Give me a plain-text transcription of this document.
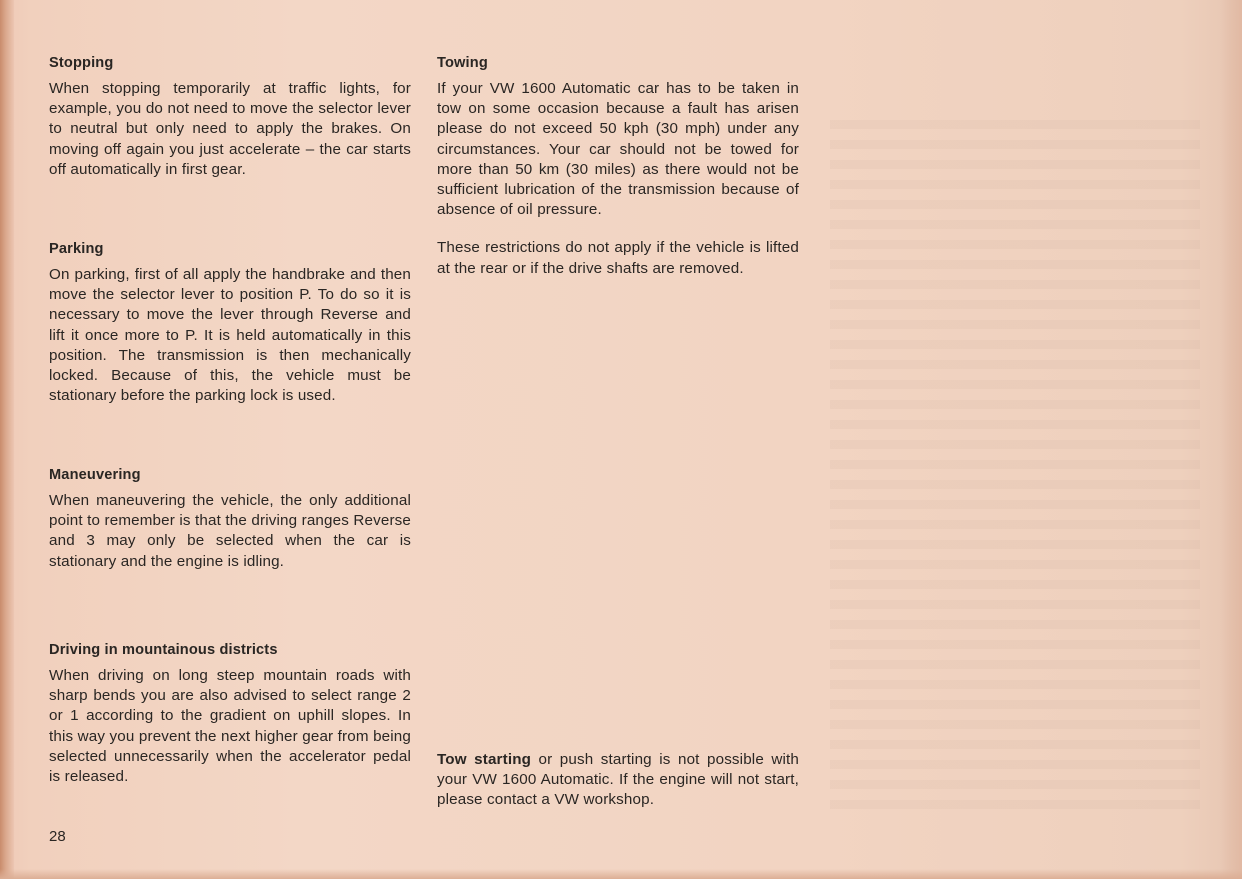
Stopping

When stopping temporarily at traffic lights, for example, you do not need to move the selector lever to neutral but only need to apply the brakes. On moving off again you just accelerate – the car starts off automatically in first gear.

Parking

On parking, first of all apply the handbrake and then move the selector lever to position P. To do so it is necessary to move the lever through Reverse and lift it once more to P. It is held automatically in this position. The transmission is then mechanically locked. Because of this, the vehicle must be stationary before the parking lock is used.

Maneuvering

When maneuvering the vehicle, the only additional point to remember is that the driving ranges Reverse and 3 may only be selected when the car is stationary and the engine is idling.

Driving in mountainous districts

When driving on long steep mountain roads with sharp bends you are also advised to select range 2 or 1 according to the gradient on uphill slopes. In this way you prevent the next higher gear from being selected unnecessarily when the accelerator pedal is released.

Towing

If your VW 1600 Automatic car has to be taken in tow on some occasion because a fault has arisen please do not exceed 50 kph (30 mph) under any circumstances. Your car should not be towed for more than 50 km (30 miles) as there would not be sufficient lubrication of the transmission because of absence of oil pressure.

These restrictions do not apply if the vehicle is lifted at the rear or if the drive shafts are removed.

Tow starting or push starting is not possible with your VW 1600 Automatic. If the engine will not start, please contact a VW workshop.

28
